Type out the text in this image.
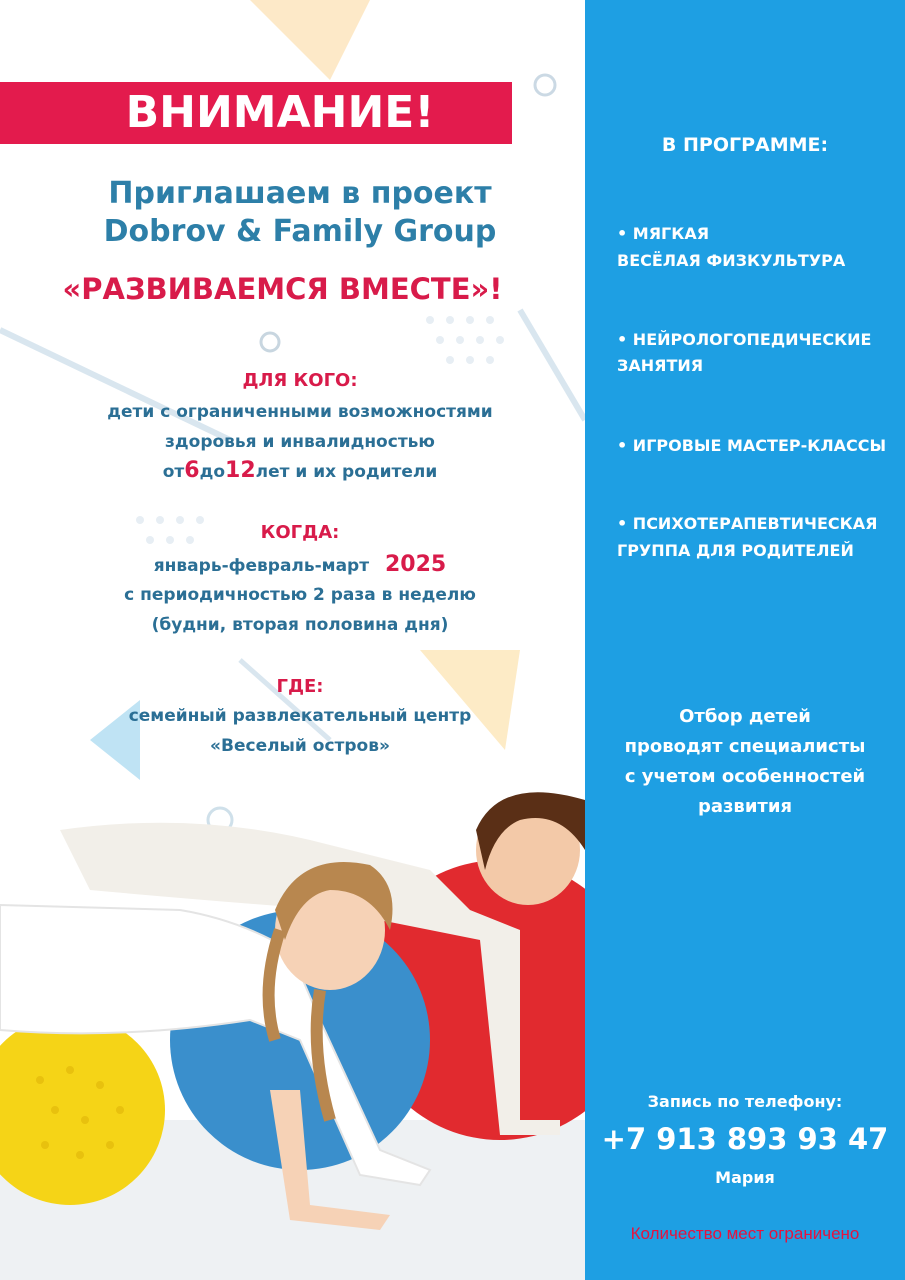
ВНИМАНИЕ!
Приглашаем в проект
Dobrov & Family Group
«РАЗВИВАЕМСЯ ВМЕСТЕ»!
ДЛЯ КОГО:
дети с ограниченными возможностями
здоровья и инвалидностью
от6до12лет и их родители
КОГДА:
январь-февраль-март 2025
с периодичностью 2 раза в неделю
(будни, вторая половина дня)
ГДЕ:
семейный развлекательный центр
«Веселый остров»
В ПРОГРАММЕ:
• МЯГКАЯ
ВЕСЁЛАЯ ФИЗКУЛЬТУРА
• НЕЙРОЛОГОПЕДИЧЕСКИЕ
ЗАНЯТИЯ
• ИГРОВЫЕ МАСТЕР-КЛАССЫ
• ПСИХОТЕРАПЕВТИЧЕСКАЯ
ГРУППА ДЛЯ РОДИТЕЛЕЙ
Отбор детей
проводят специалисты
с учетом особенностей
развития
Запись по телефону:
+7 913 893 93 47
Мария
Количество мест ограничено
